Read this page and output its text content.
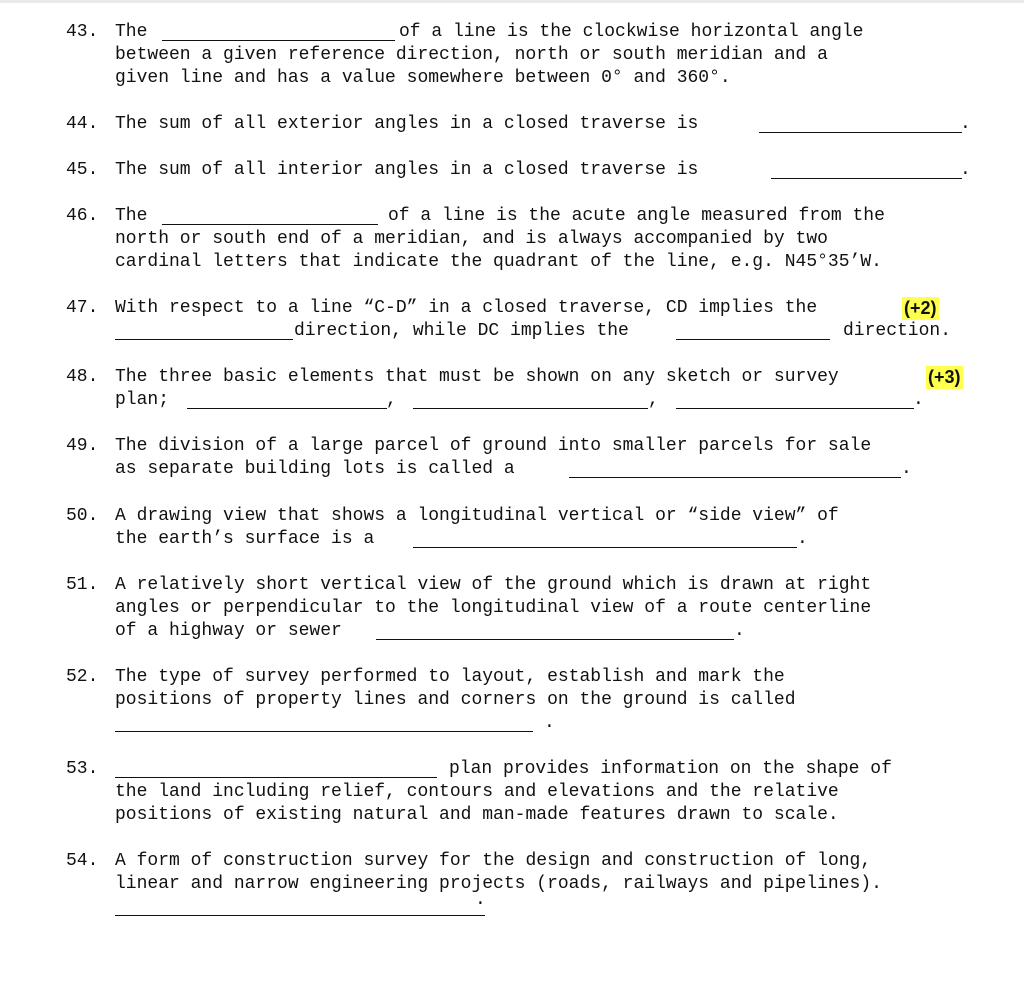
43.

The

	of a line is the clockwise horizontal angle

between a given reference direction, north or south meridian and a
given line and has a value somewhere between 0° and 360°.

44.

The sum of all exterior angles in a closed traverse is

	.

45.

The sum of all interior angles in a closed traverse is

	.

46.

The

	of a line is the acute angle measured from the

north or south end of a meridian, and is always accompanied by two
cardinal letters that indicate the quadrant of the line, e.g. N45°35’W.

47.

With respect to a line “C-D” in a closed traverse, CD implies the

	(+2)

direction, while DC implies the

	direction.

48.

The three basic elements that must be shown on any sketch or survey

	(+3)

plan;

	,

	,

	.

49.

The division of a large parcel of ground into smaller parcels for sale

as separate building lots is called a

	.

50.

A drawing view that shows a longitudinal vertical or “side view” of

the earth’s surface is a

	.

51.

A relatively short vertical view of the ground which is drawn at right

angles or perpendicular to the longitudinal view of a route centerline

of a highway or sewer

	.

52.

The type of survey performed to layout, establish and mark the

positions of property lines and corners on the ground is called

.

53.

	plan provides information on the shape of

the land including relief, contours and elevations and the relative
positions of existing natural and man-made features drawn to scale.

54.

A form of construction survey for the design and construction of long,

linear and narrow engineering projects (roads, railways and pipelines).

.
